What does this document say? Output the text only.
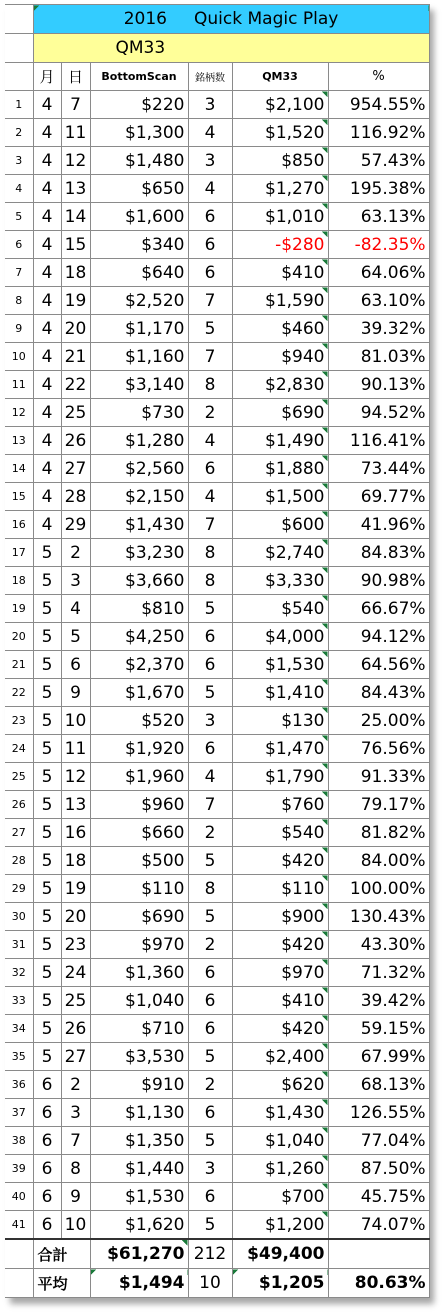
	2016 Quick Magic Play					
	QM33					
	月	日	BottomScan	銘柄数	QM33	%
1	4	7	$220	3	$2,100	954.55%
2	4	11	$1,300	4	$1,520	116.92%
3	4	12	$1,480	3	$850	57.43%
4	4	13	$650	4	$1,270	195.38%
5	4	14	$1,600	6	$1,010	63.13%
6	4	15	$340	6	-$280	-82.35%
7	4	18	$640	6	$410	64.06%
8	4	19	$2,520	7	$1,590	63.10%
9	4	20	$1,170	5	$460	39.32%
10	4	21	$1,160	7	$940	81.03%
11	4	22	$3,140	8	$2,830	90.13%
12	4	25	$730	2	$690	94.52%
13	4	26	$1,280	4	$1,490	116.41%
14	4	27	$2,560	6	$1,880	73.44%
15	4	28	$2,150	4	$1,500	69.77%
16	4	29	$1,430	7	$600	41.96%
17	5	2	$3,230	8	$2,740	84.83%
18	5	3	$3,660	8	$3,330	90.98%
19	5	4	$810	5	$540	66.67%
20	5	5	$4,250	6	$4,000	94.12%
21	5	6	$2,370	6	$1,530	64.56%
22	5	9	$1,670	5	$1,410	84.43%
23	5	10	$520	3	$130	25.00%
24	5	11	$1,920	6	$1,470	76.56%
25	5	12	$1,960	4	$1,790	91.33%
26	5	13	$960	7	$760	79.17%
27	5	16	$660	2	$540	81.82%
28	5	18	$500	5	$420	84.00%
29	5	19	$110	8	$110	100.00%
30	5	20	$690	5	$900	130.43%
31	5	23	$970	2	$420	43.30%
32	5	24	$1,360	6	$970	71.32%
33	5	25	$1,040	6	$410	39.42%
34	5	26	$710	6	$420	59.15%
35	5	27	$3,530	5	$2,400	67.99%
36	6	2	$910	2	$620	68.13%
37	6	3	$1,130	6	$1,430	126.55%
38	6	7	$1,350	5	$1,040	77.04%
39	6	8	$1,440	3	$1,260	87.50%
40	6	9	$1,530	6	$700	45.75%
41	6	10	$1,620	5	$1,200	74.07%
	合計		$61,270	212	$49,400	
	平均		$1,494	10	$1,205	80.63%
